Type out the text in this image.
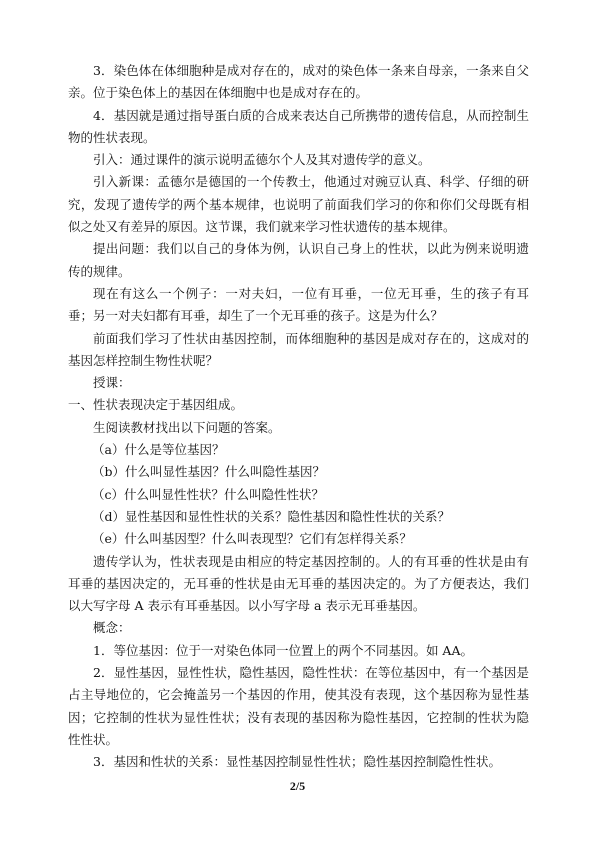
3．染色体在体细胞种是成对存在的，成对的染色体一条来自母亲，一条来自父亲。位于染色体上的基因在体细胞中也是成对存在的。

4．基因就是通过指导蛋白质的合成来表达自己所携带的遗传信息，从而控制生物的性状表现。

引入：通过课件的演示说明孟德尔个人及其对遗传学的意义。

引入新课：孟德尔是德国的一个传教士，他通过对豌豆认真、科学、仔细的研究，发现了遗传学的两个基本规律，也说明了前面我们学习的你和你们父母既有相似之处又有差异的原因。这节课，我们就来学习性状遗传的基本规律。

提出问题：我们以自己的身体为例，认识自己身上的性状，以此为例来说明遗传的规律。

现在有这么一个例子：一对夫妇，一位有耳垂，一位无耳垂，生的孩子有耳垂；另一对夫妇都有耳垂，却生了一个无耳垂的孩子。这是为什么？

前面我们学习了性状由基因控制，而体细胞种的基因是成对存在的，这成对的基因怎样控制生物性状呢？

授课：

一、性状表现决定于基因组成。

生阅读教材找出以下问题的答案。

（a）什么是等位基因？

（b）什么叫显性基因？什么叫隐性基因？

（c）什么叫显性性状？什么叫隐性性状？

（d）显性基因和显性性状的关系？隐性基因和隐性性状的关系？

（e）什么叫基因型？什么叫表现型？它们有怎样得关系？

遗传学认为，性状表现是由相应的特定基因控制的。人的有耳垂的性状是由有耳垂的基因决定的，无耳垂的性状是由无耳垂的基因决定的。为了方便表达，我们以大写字母 A 表示有耳垂基因。以小写字母 a 表示无耳垂基因。

概念：

1．等位基因：位于一对染色体同一位置上的两个不同基因。如 AA。

2．显性基因，显性性状，隐性基因，隐性性状：在等位基因中，有一个基因是占主导地位的，它会掩盖另一个基因的作用，使其没有表现，这个基因称为显性基因；它控制的性状为显性性状；没有表现的基因称为隐性基因，它控制的性状为隐性性状。

3．基因和性状的关系：显性基因控制显性性状；隐性基因控制隐性性状。

2/5
